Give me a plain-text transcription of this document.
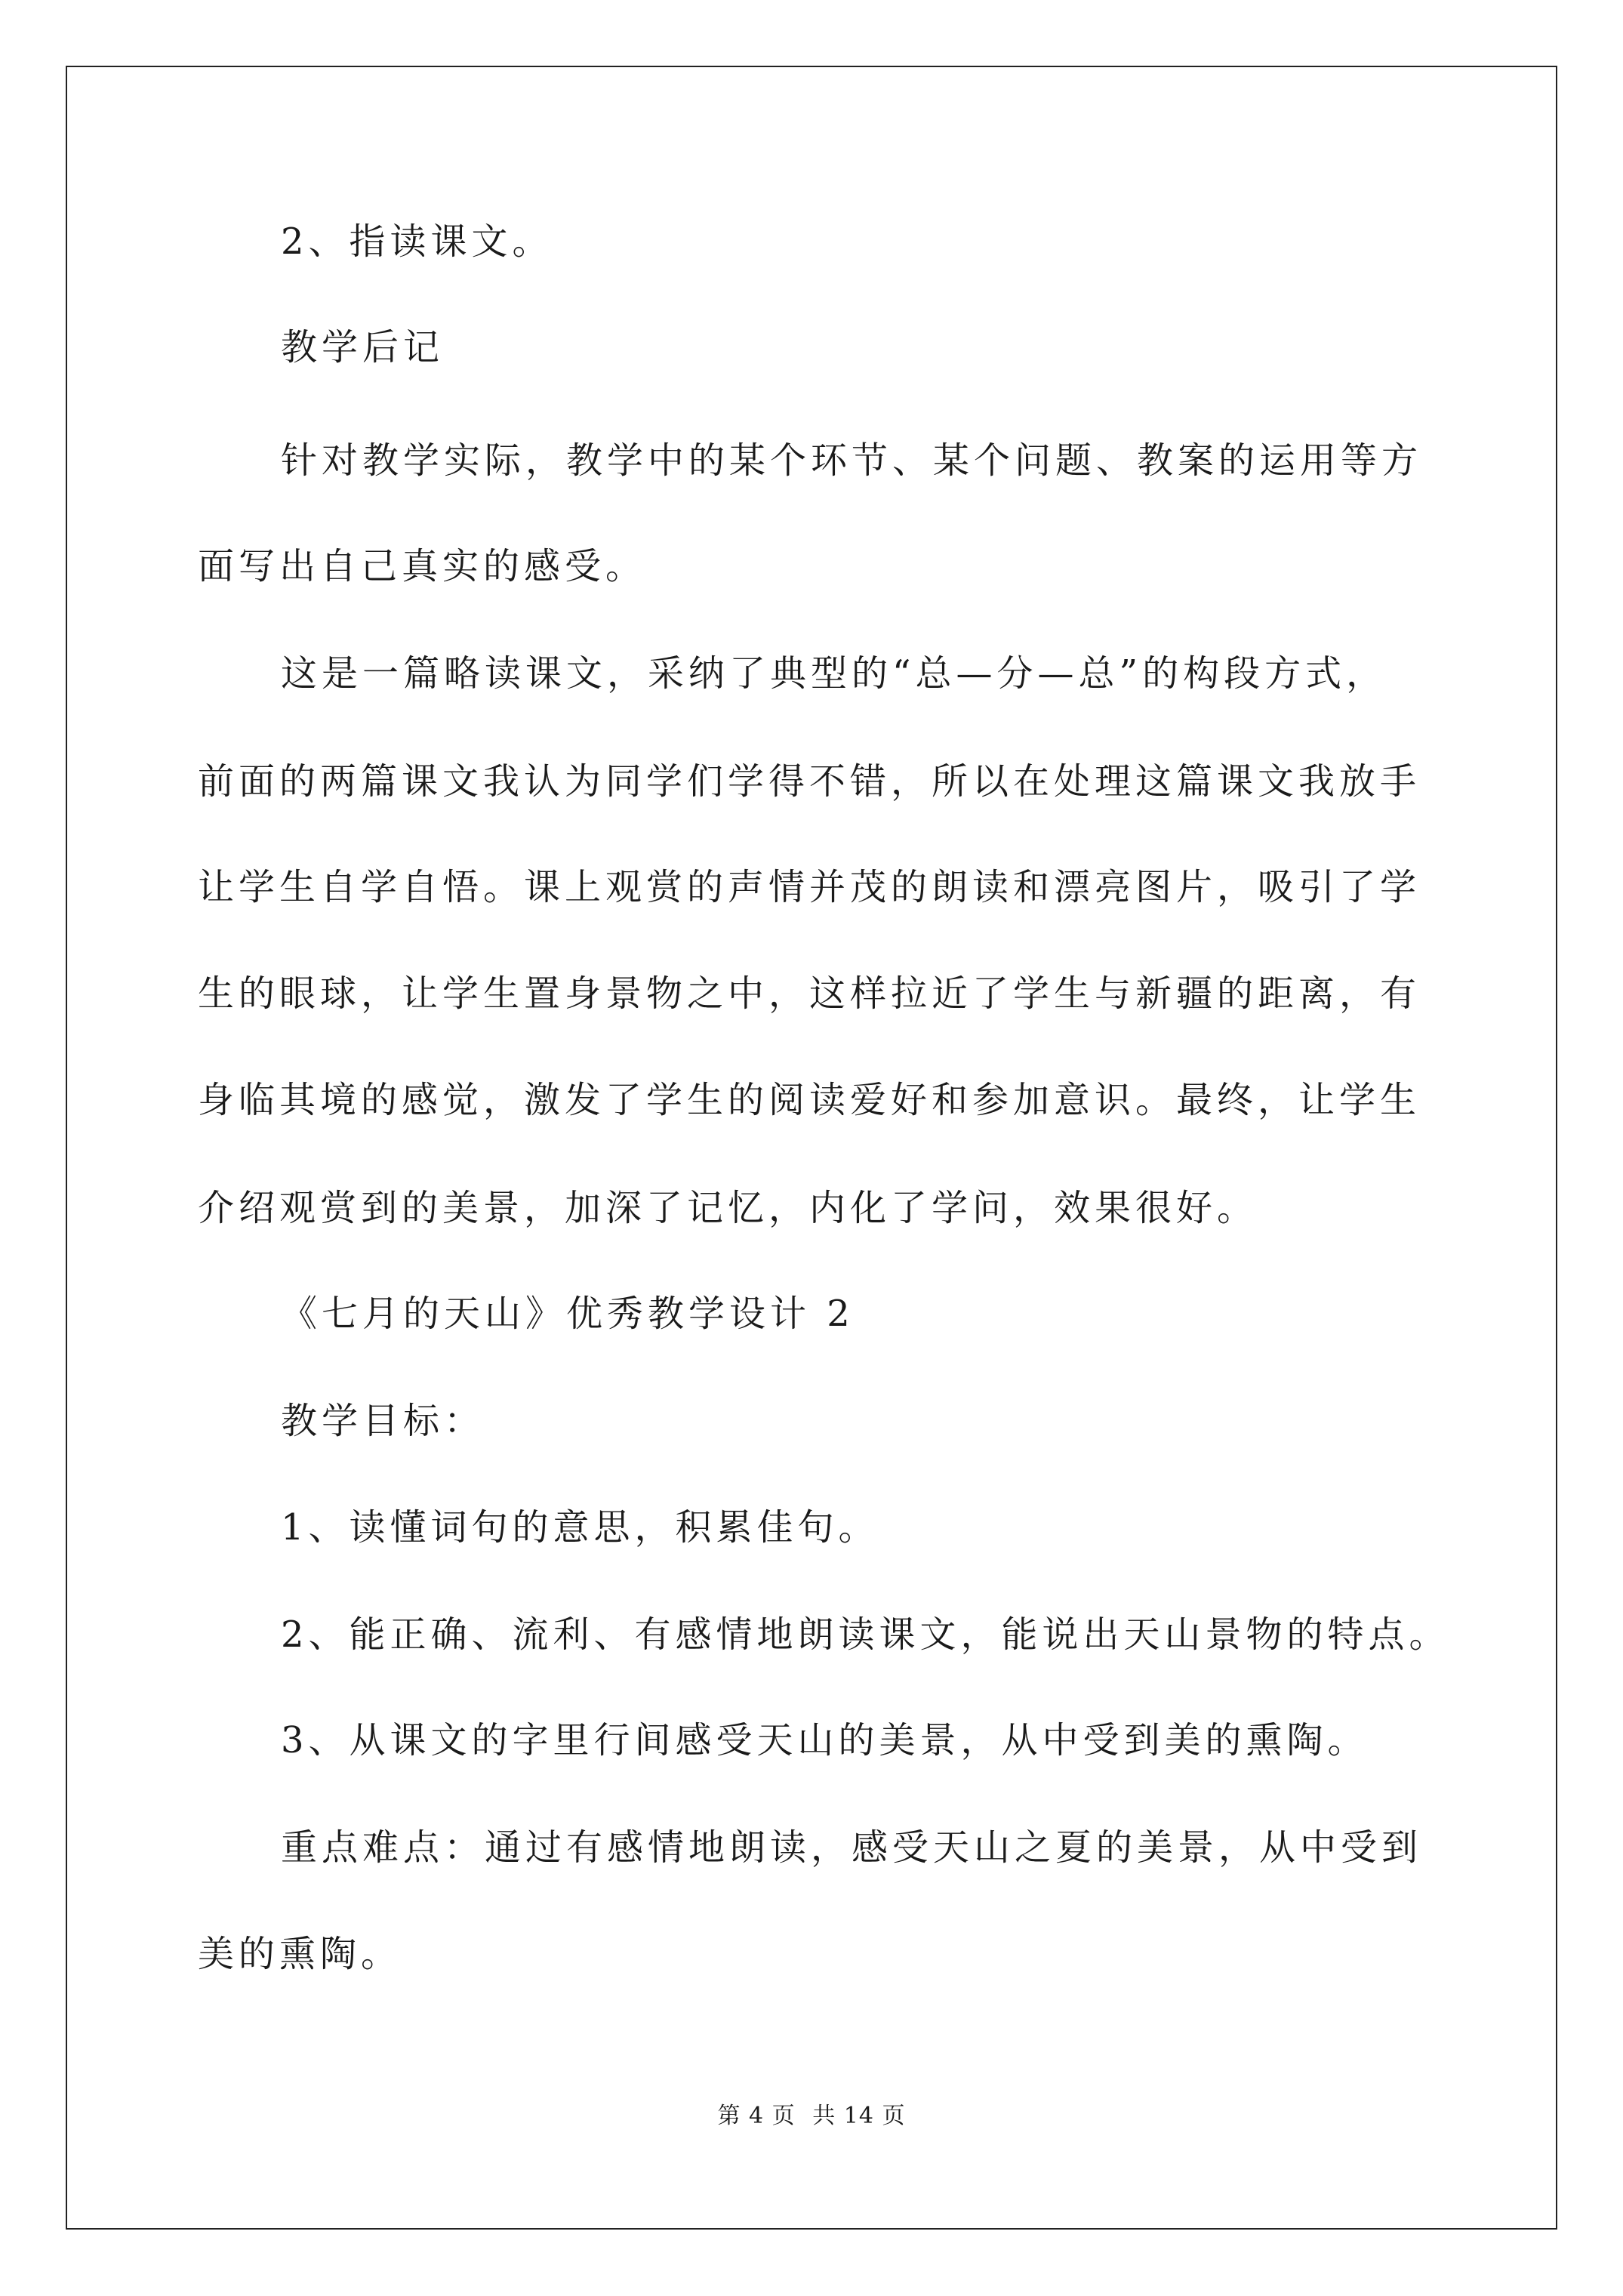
2、指读课文。
教学后记
针对教学实际，教学中的某个环节、某个问题、教案的运用等方
面写出自己真实的感受。
这是一篇略读课文，采纳了典型的“总—分—总”的构段方式，
前面的两篇课文我认为同学们学得不错，所以在处理这篇课文我放手
让学生自学自悟。课上观赏的声情并茂的朗读和漂亮图片，吸引了学
生的眼球，让学生置身景物之中，这样拉近了学生与新疆的距离，有
身临其境的感觉，激发了学生的阅读爱好和参加意识。最终，让学生
介绍观赏到的美景，加深了记忆，内化了学问，效果很好。
《七月的天山》优秀教学设计 2
教学目标：
1、读懂词句的意思，积累佳句。
2、能正确、流利、有感情地朗读课文，能说出天山景物的特点。
3、从课文的字里行间感受天山的美景，从中受到美的熏陶。
重点难点：通过有感情地朗读，感受天山之夏的美景，从中受到
美的熏陶。
第 4 页 共 14 页
